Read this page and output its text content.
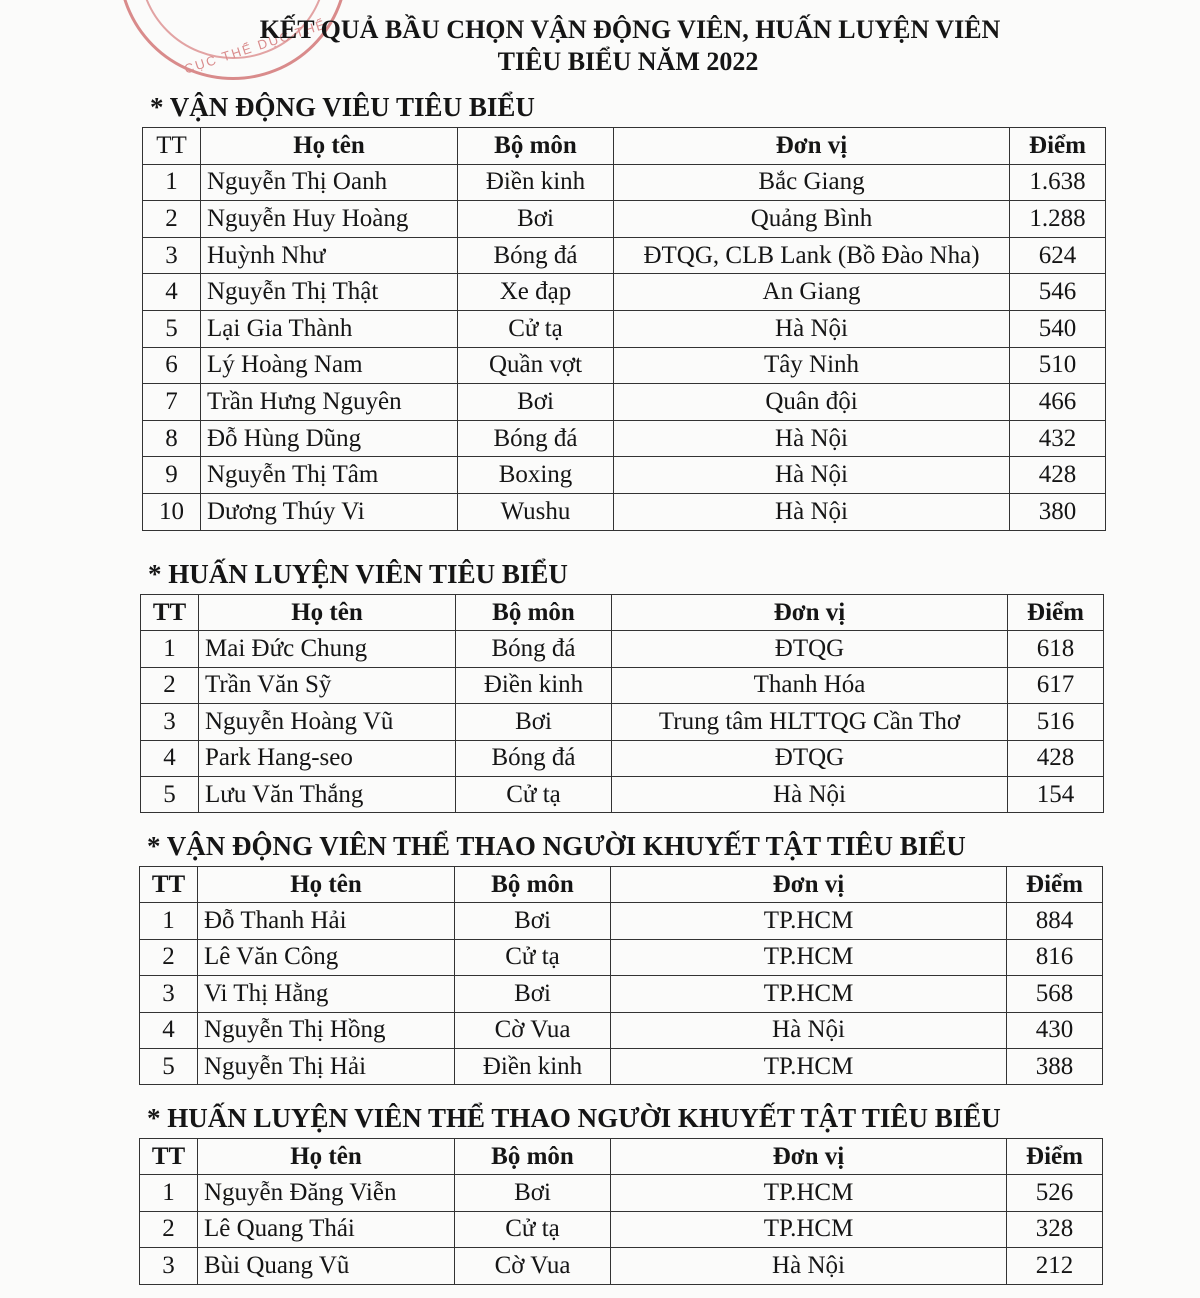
CỤC THỂ DỤC THỂ
KẾT QUẢ BẦU CHỌN VẬN ĐỘNG VIÊN, HUẤN LUYỆN VIÊN
TIÊU BIỂU NĂM 2022
* VẬN ĐỘNG VIÊU TIÊU BIỂU
TT	Họ tên	Bộ môn	Đơn vị	Điểm
1	Nguyễn Thị Oanh	Điền kinh	Bắc Giang	1.638
2	Nguyễn Huy Hoàng	Bơi	Quảng Bình	1.288
3	Huỳnh Như	Bóng đá	ĐTQG, CLB Lank (Bồ Đào Nha)	624
4	Nguyễn Thị Thật	Xe đạp	An Giang	546
5	Lại Gia Thành	Cử tạ	Hà Nội	540
6	Lý Hoàng Nam	Quần vợt	Tây Ninh	510
7	Trần Hưng Nguyên	Bơi	Quân đội	466
8	Đỗ Hùng Dũng	Bóng đá	Hà Nội	432
9	Nguyễn Thị Tâm	Boxing	Hà Nội	428
10	Dương Thúy Vi	Wushu	Hà Nội	380
* HUẤN LUYỆN VIÊN TIÊU BIỂU
TT	Họ tên	Bộ môn	Đơn vị	Điểm
1	Mai Đức Chung	Bóng đá	ĐTQG	618
2	Trần Văn Sỹ	Điền kinh	Thanh Hóa	617
3	Nguyễn Hoàng Vũ	Bơi	Trung tâm HLTTQG Cần Thơ	516
4	Park Hang-seo	Bóng đá	ĐTQG	428
5	Lưu Văn Thắng	Cử tạ	Hà Nội	154
* VẬN ĐỘNG VIÊN THỂ THAO NGƯỜI KHUYẾT TẬT TIÊU BIỂU
TT	Họ tên	Bộ môn	Đơn vị	Điểm
1	Đỗ Thanh Hải	Bơi	TP.HCM	884
2	Lê Văn Công	Cử tạ	TP.HCM	816
3	Vi Thị Hằng	Bơi	TP.HCM	568
4	Nguyễn Thị Hồng	Cờ Vua	Hà Nội	430
5	Nguyễn Thị Hải	Điền kinh	TP.HCM	388
* HUẤN LUYỆN VIÊN THỂ THAO NGƯỜI KHUYẾT TẬT TIÊU BIỂU
TT	Họ tên	Bộ môn	Đơn vị	Điểm
1	Nguyễn Đăng Viễn	Bơi	TP.HCM	526
2	Lê Quang Thái	Cử tạ	TP.HCM	328
3	Bùi Quang Vũ	Cờ Vua	Hà Nội	212
